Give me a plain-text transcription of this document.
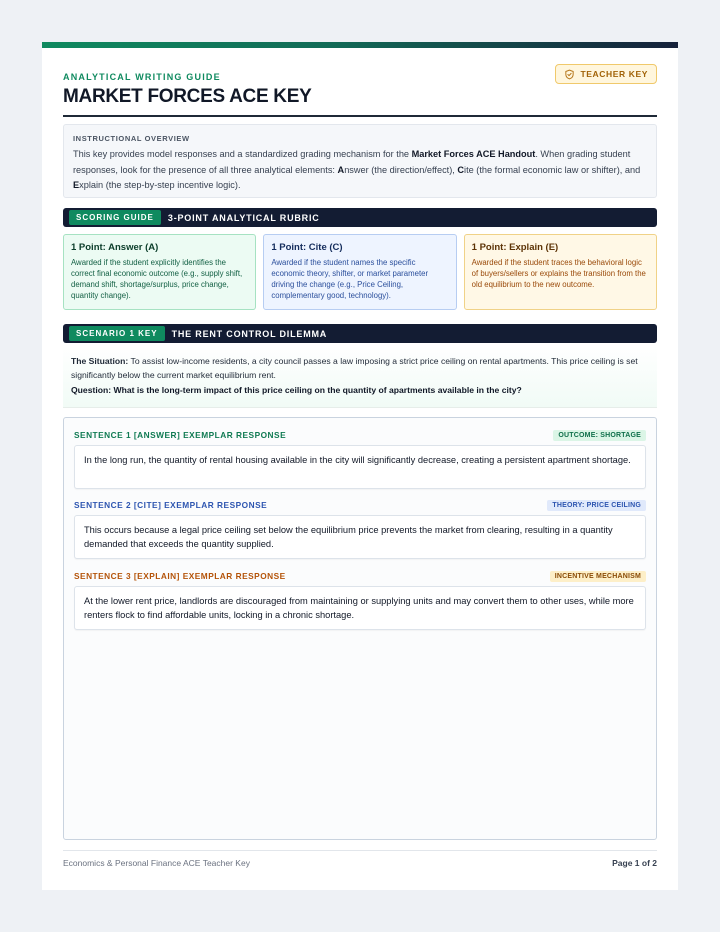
ANALYTICAL WRITING GUIDE
MARKET FORCES ACE KEY
TEACHER KEY
INSTRUCTIONAL OVERVIEW
This key provides model responses and a standardized grading mechanism for the Market Forces ACE Handout. When grading student responses, look for the presence of all three analytical elements: Answer (the direction/effect), Cite (the formal economic law or shifter), and Explain (the step-by-step incentive logic).
SCORING GUIDE	3-POINT ANALYTICAL RUBRIC
1 Point: Answer (A)
Awarded if the student explicitly identifies the correct final economic outcome (e.g., supply shift, demand shift, shortage/surplus, price change, quantity change).
1 Point: Cite (C)
Awarded if the student names the specific economic theory, shifter, or market parameter driving the change (e.g., Price Ceiling, complementary good, technology).
1 Point: Explain (E)
Awarded if the student traces the behavioral logic of buyers/sellers or explains the transition from the old equilibrium to the new outcome.
SCENARIO 1 KEY	THE RENT CONTROL DILEMMA
The Situation: To assist low-income residents, a city council passes a law imposing a strict price ceiling on rental apartments. This price ceiling is set significantly below the current market equilibrium rent.
Question: What is the long-term impact of this price ceiling on the quantity of apartments available in the city?
SENTENCE 1 [ANSWER] EXEMPLAR RESPONSE	OUTCOME: SHORTAGE
In the long run, the quantity of rental housing available in the city will significantly decrease, creating a persistent apartment shortage.
SENTENCE 2 [CITE] EXEMPLAR RESPONSE	THEORY: PRICE CEILING
This occurs because a legal price ceiling set below the equilibrium price prevents the market from clearing, resulting in a quantity demanded that exceeds the quantity supplied.
SENTENCE 3 [EXPLAIN] EXEMPLAR RESPONSE	INCENTIVE MECHANISM
At the lower rent price, landlords are discouraged from maintaining or supplying units and may convert them to other uses, while more renters flock to find affordable units, locking in a chronic shortage.
Economics & Personal Finance ACE Teacher Key	Page 1 of 2
